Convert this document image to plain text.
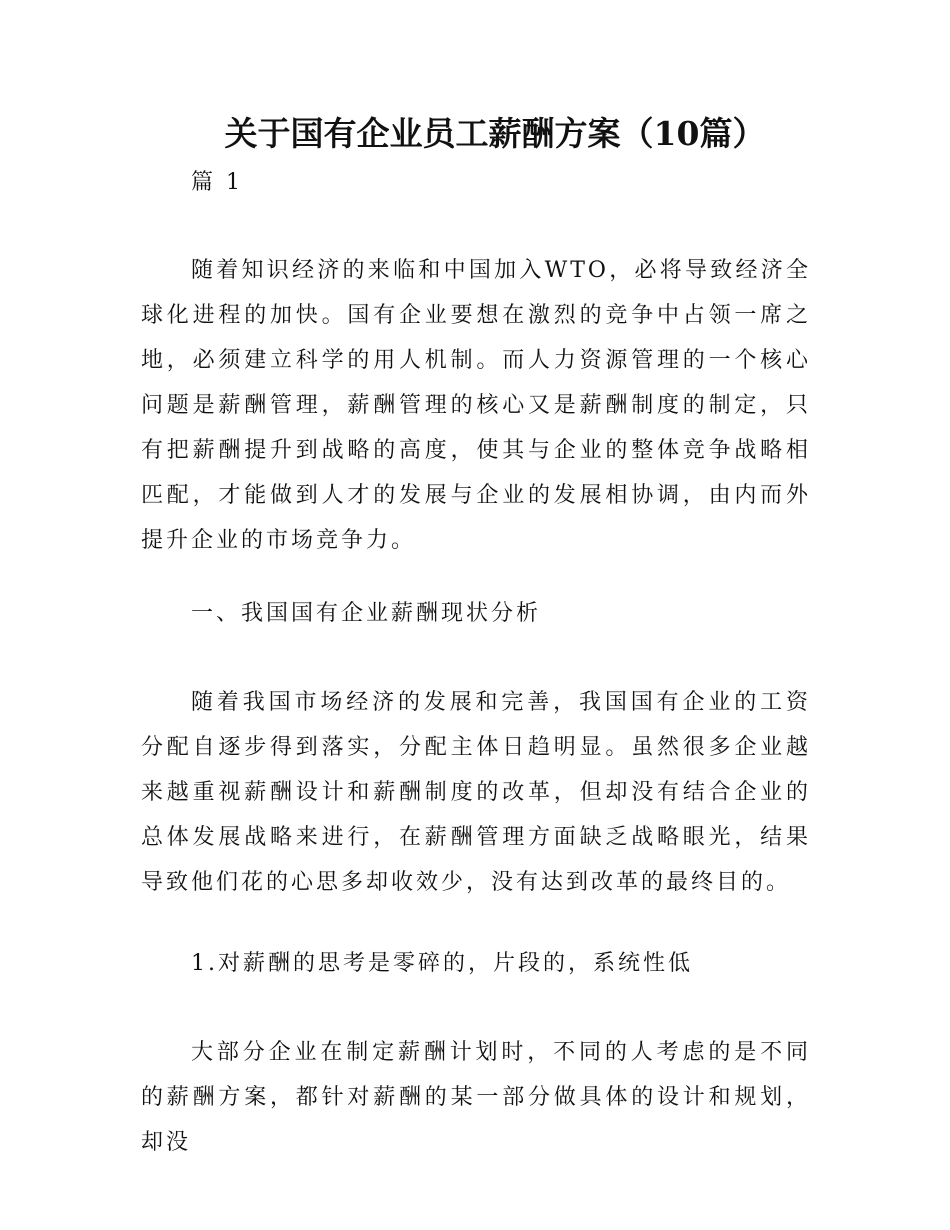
关于国有企业员工薪酬方案（10篇）

篇 1

随着知识经济的来临和中国加入WTO，必将导致经济全球化进程的加快。国有企业要想在激烈的竞争中占领一席之地，必须建立科学的用人机制。而人力资源管理的一个核心问题是薪酬管理，薪酬管理的核心又是薪酬制度的制定，只有把薪酬提升到战略的高度，使其与企业的整体竞争战略相匹配，才能做到人才的发展与企业的发展相协调，由内而外提升企业的市场竞争力。

一、我国国有企业薪酬现状分析

随着我国市场经济的发展和完善，我国国有企业的工资分配自逐步得到落实，分配主体日趋明显。虽然很多企业越来越重视薪酬设计和薪酬制度的改革，但却没有结合企业的总体发展战略来进行，在薪酬管理方面缺乏战略眼光，结果导致他们花的心思多却收效少，没有达到改革的最终目的。

1.对薪酬的思考是零碎的，片段的，系统性低

大部分企业在制定薪酬计划时，不同的人考虑的是不同的薪酬方案，都针对薪酬的某一部分做具体的设计和规划，却没
